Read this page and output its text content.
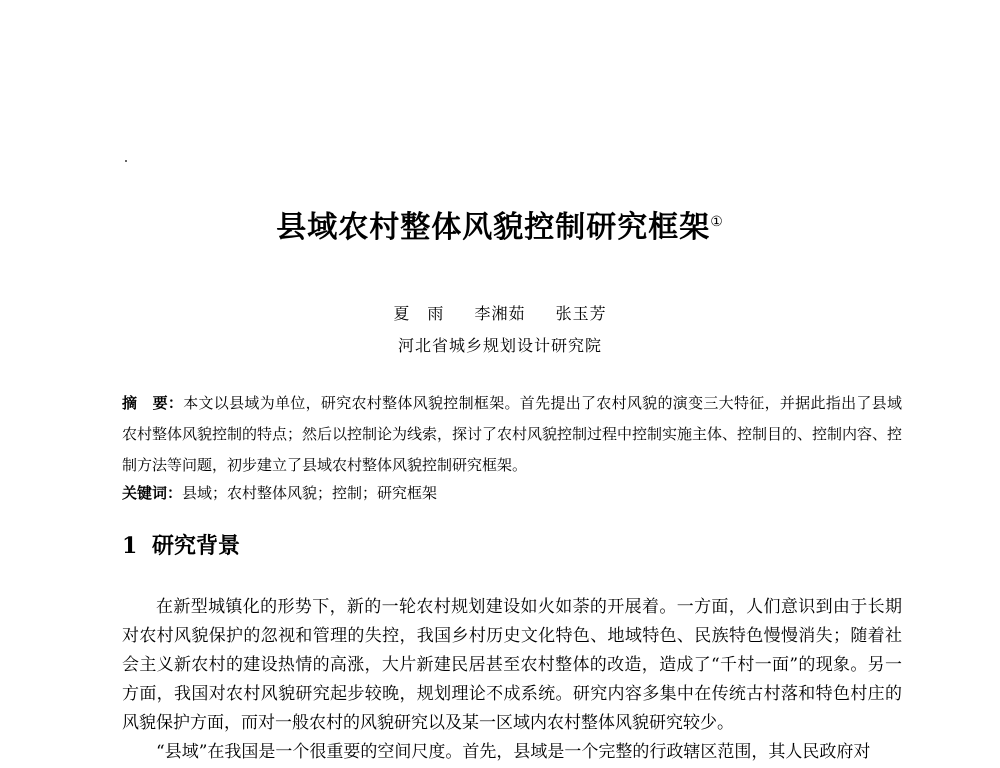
县域农村整体风貌控制研究框架①
夏　雨 李湘茹 张玉芳
河北省城乡规划设计研究院
摘　要：本文以县域为单位，研究农村整体风貌控制框架。首先提出了农村风貌的演变三大特征，并据此指出了县域农村整体风貌控制的特点；然后以控制论为线索，探讨了农村风貌控制过程中控制实施主体、控制目的、控制内容、控制方法等问题，初步建立了县域农村整体风貌控制研究框架。
关键词：县域；农村整体风貌；控制；研究框架
1 研究背景

在新型城镇化的形势下，新的一轮农村规划建设如火如荼的开展着。一方面，人们意识到由于长期对农村风貌保护的忽视和管理的失控，我国乡村历史文化特色、地域特色、民族特色慢慢消失；随着社会主义新农村的建设热情的高涨，大片新建民居甚至农村整体的改造，造成了“千村一面”的现象。另一方面，我国对农村风貌研究起步较晚，规划理论不成系统。研究内容多集中在传统古村落和特色村庄的风貌保护方面，而对一般农村的风貌研究以及某一区域内农村整体风貌研究较少。

“县域”在我国是一个很重要的空间尺度。首先，县域是一个完整的行政辖区范围，其人民政府对
